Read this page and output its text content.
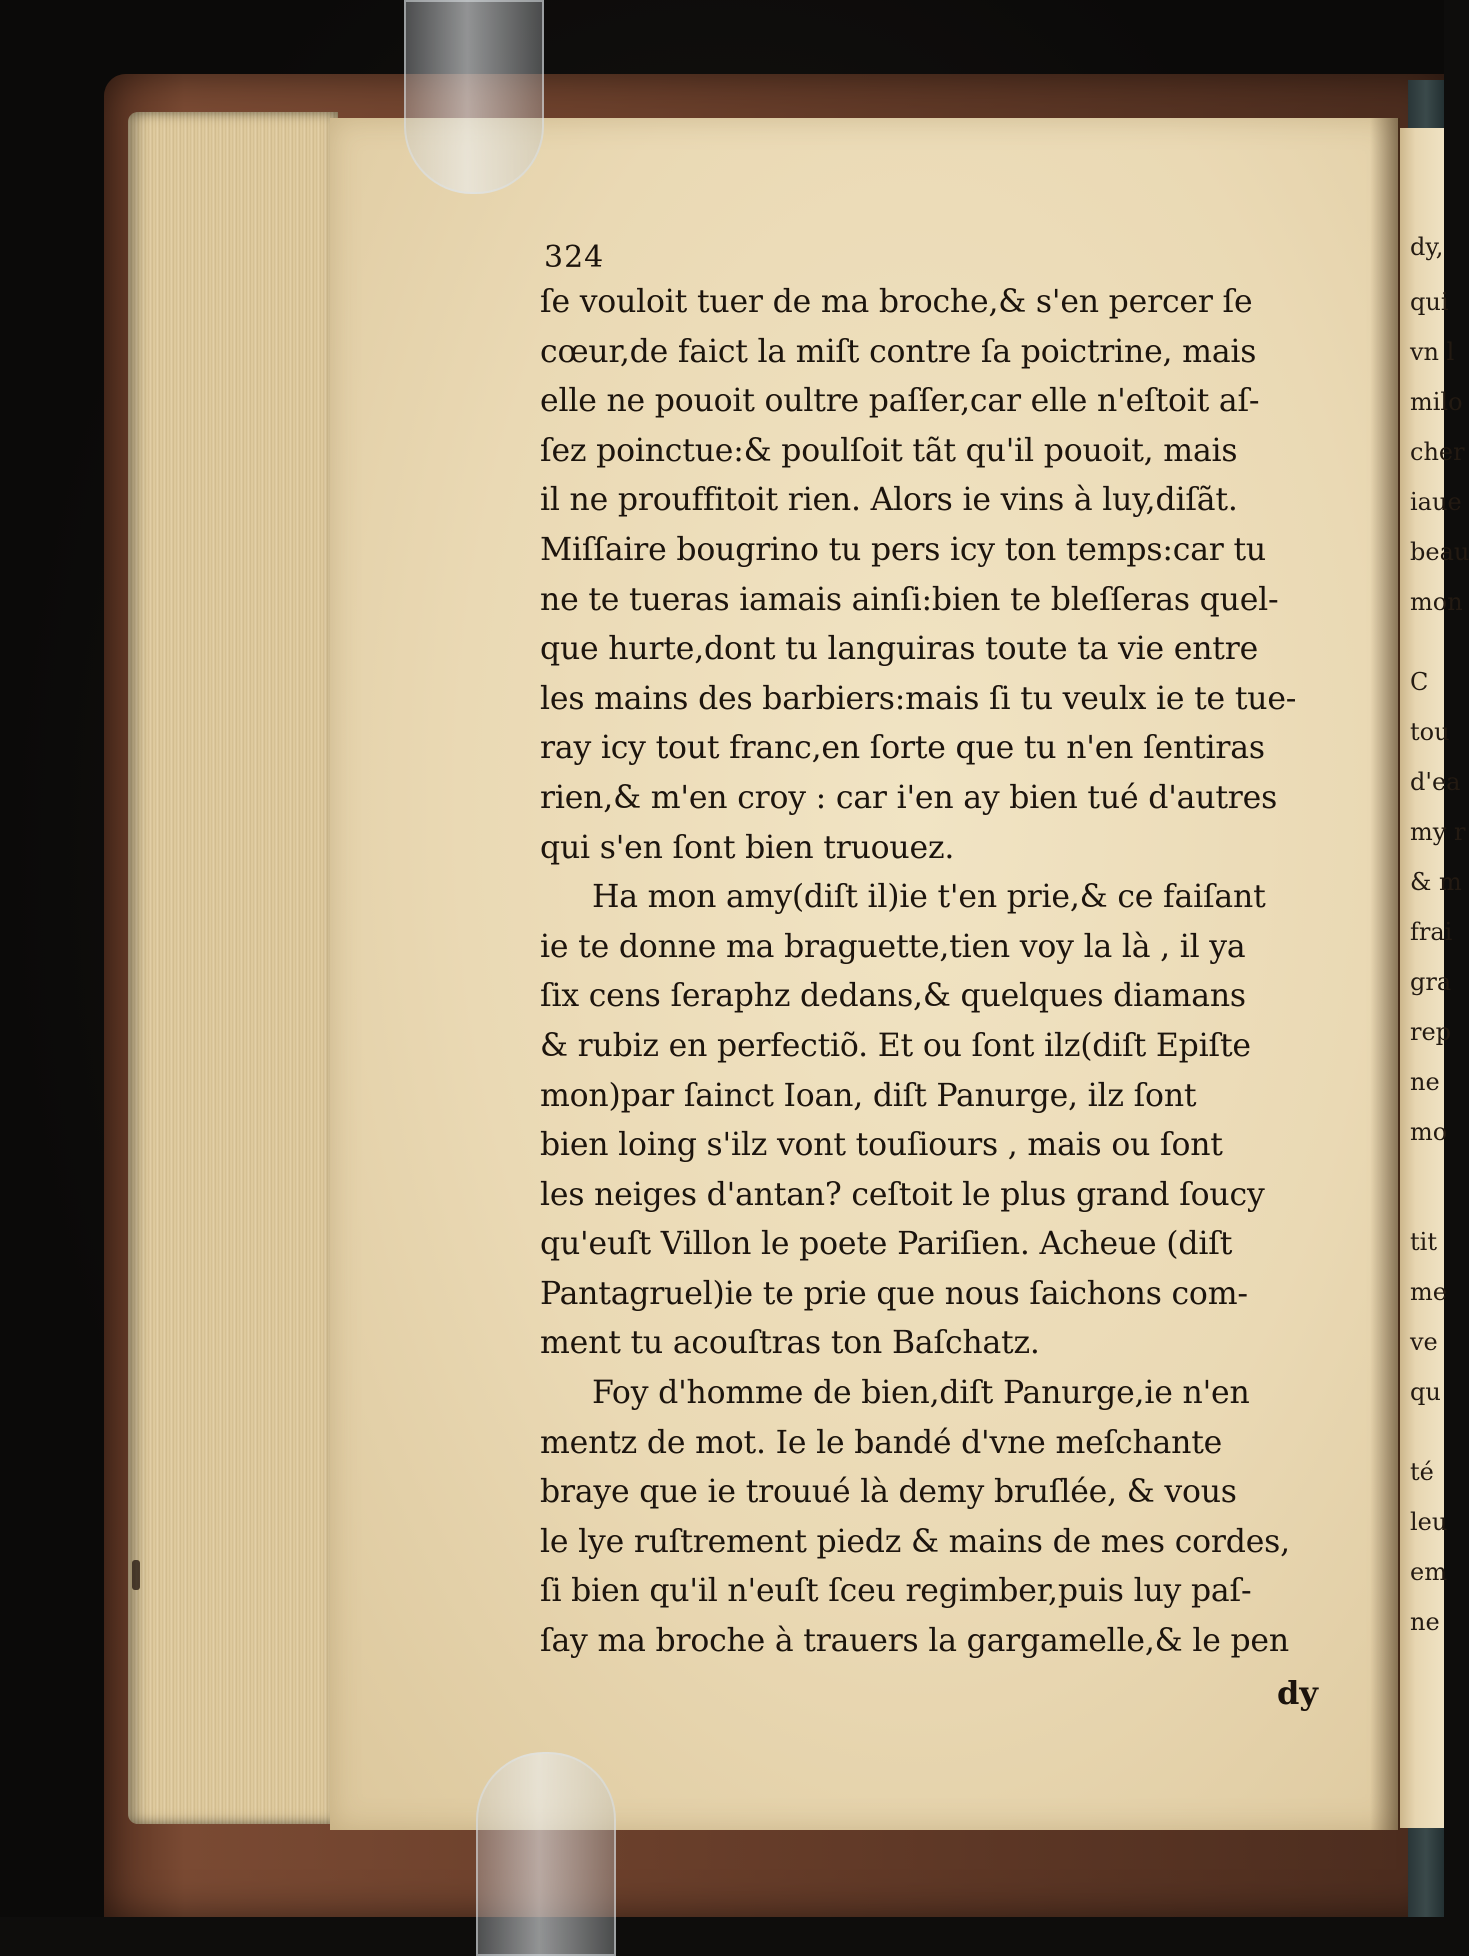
dy,
qui
vn l
milo
cher
iaue
beau
mon
C
tou
d'ea
my r
& m
frai
gra
rep
ne
mo
tit
me
ve
qu
té
leu
em
ne
324
ſe vouloit tuer de ma broche,& s'en percer ſe
cœur,de faict la miſt contre ſa poictrine, mais
elle ne pouoit oultre paſſer,car elle n'eſtoit aſ-
ſez poinctue:& poulſoit tãt qu'il pouoit, mais
il ne prouffitoit rien. Alors ie vins à luy,diſãt.
Miſſaire bougrino tu pers icy ton temps:car tu
ne te tueras iamais ainſi:bien te bleſſeras quel-
que hurte,dont tu languiras toute ta vie entre
les mains des barbiers:mais ſi tu veulx ie te tue-
ray icy tout franc,en ſorte que tu n'en ſentiras
rien,& m'en croy : car i'en ay bien tué d'autres
qui s'en ſont bien truouez.
Ha mon amy(diſt il)ie t'en prie,& ce faiſant
ie te donne ma braguette,tien voy la là , il ya
ſix cens ſeraphz dedans,& quelques diamans
& rubiz en perfectiõ. Et ou ſont ilz(diſt Epiſte
mon)par ſainct Ioan, diſt Panurge, ilz ſont
bien loing s'ilz vont touſiours , mais ou ſont
les neiges d'antan? ceſtoit le plus grand ſoucy
qu'euſt Villon le poete Pariſien. Acheue (diſt
Pantagruel)ie te prie que nous ſaichons com-
ment tu acouſtras ton Baſchatz.
Foy d'homme de bien,diſt Panurge,ie n'en
mentz de mot. Ie le bandé d'vne meſchante
braye que ie trouué là demy bruſlée, & vous
le lye ruſtrement piedz & mains de mes cordes,
ſi bien qu'il n'euſt ſceu regimber,puis luy paſ-
ſay ma broche à trauers la gargamelle,& le pen
dy
